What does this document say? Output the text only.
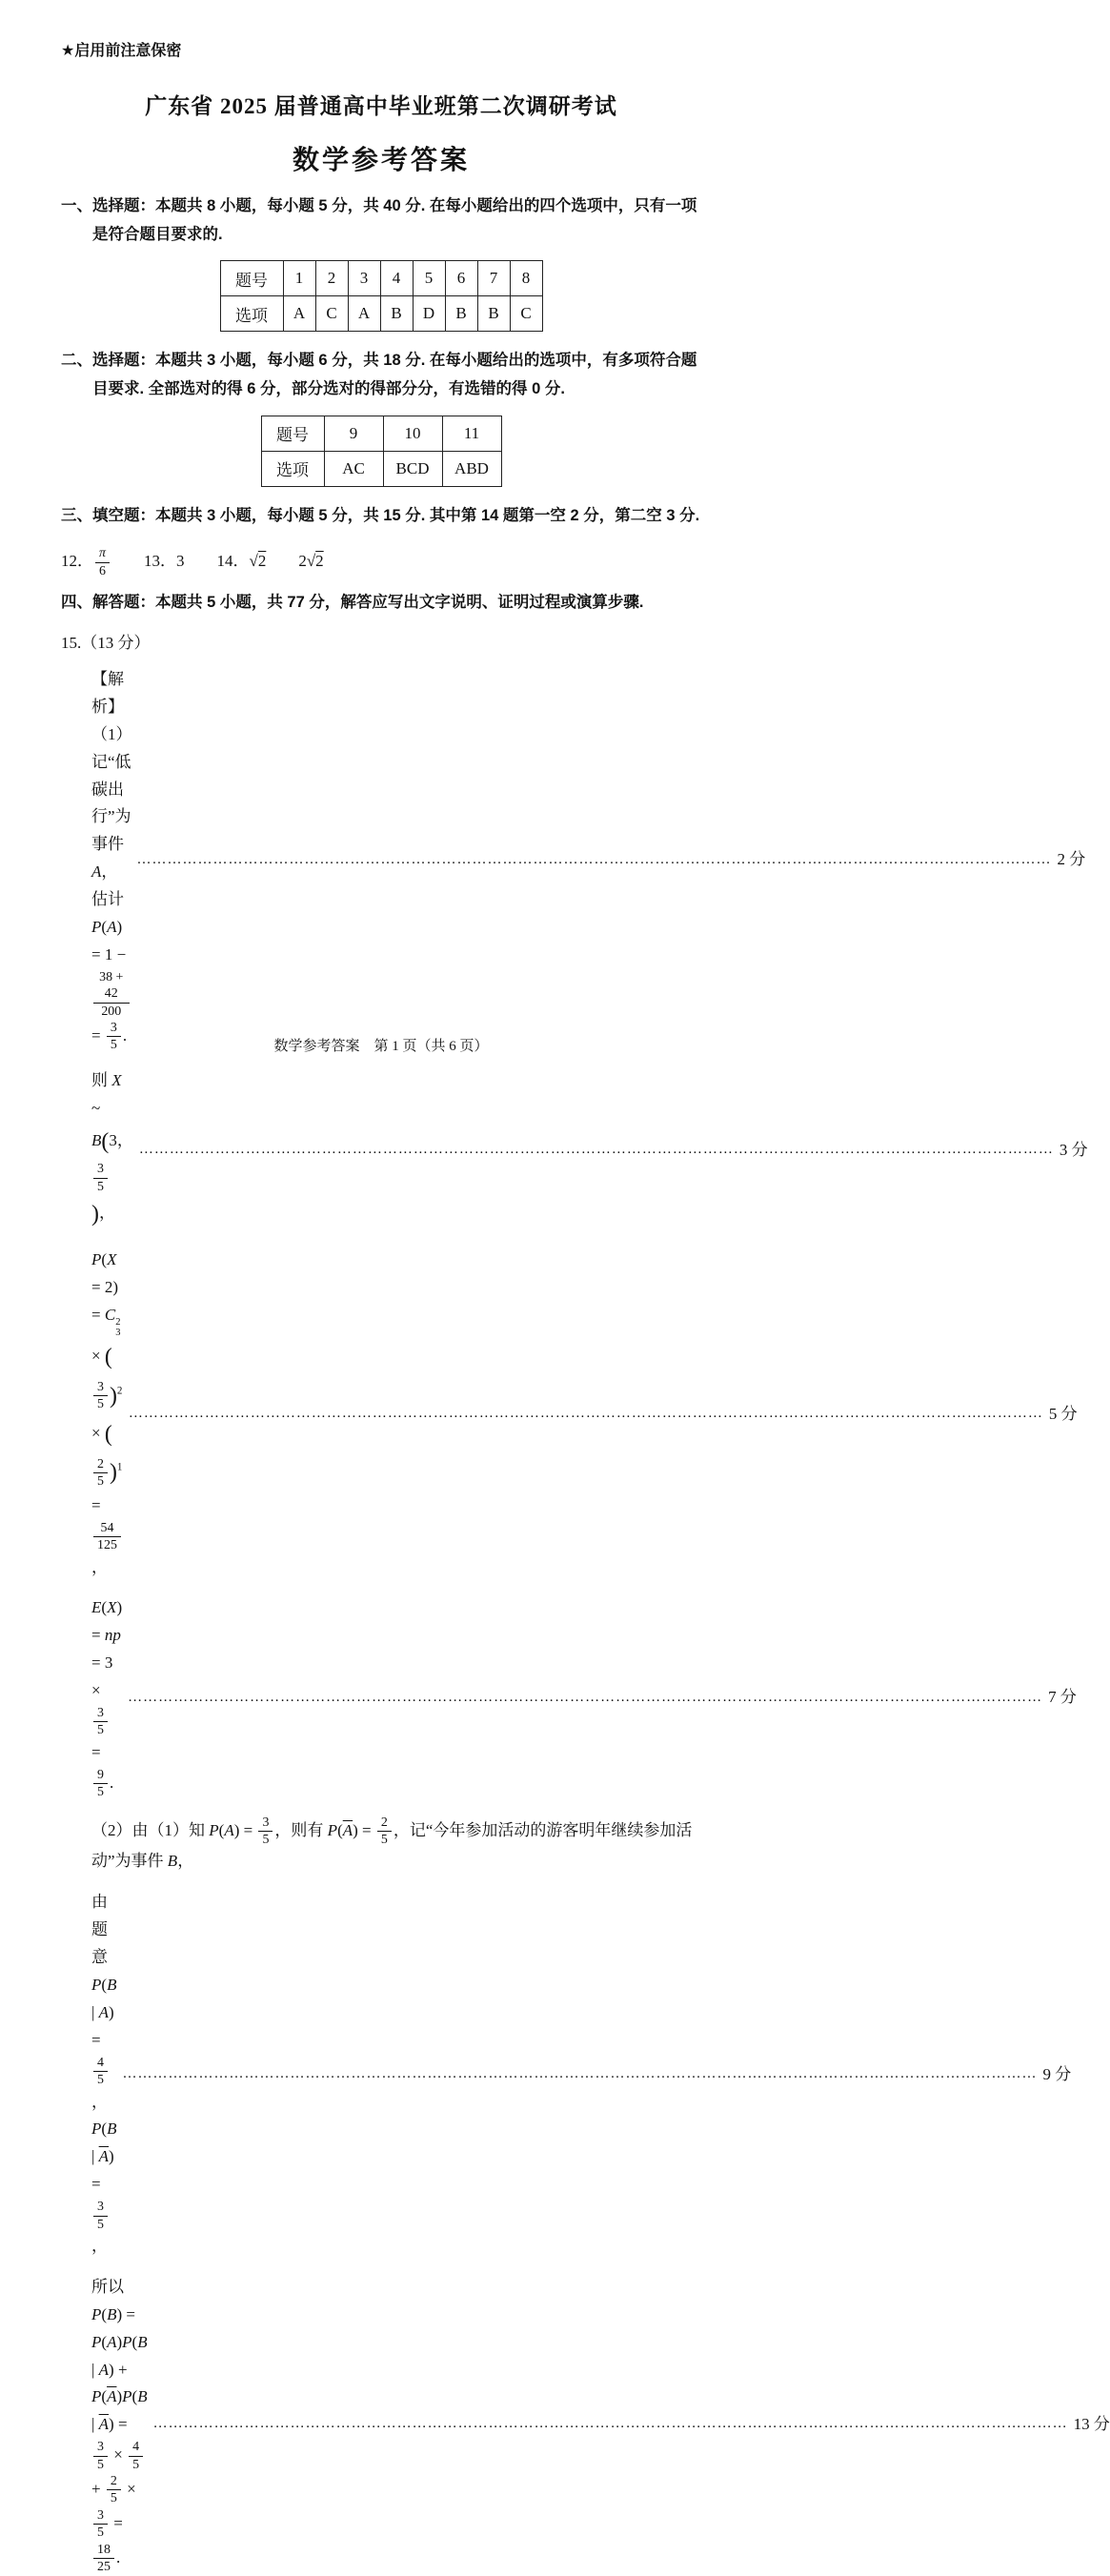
★启用前注意保密
广东省 2025 届普通高中毕业班第二次调研考试
数学参考答案

一、选择题：本题共 8 小题，每小题 5 分，共 40 分. 在每小题给出的四个选项中，只有一项是符合题目要求的.

题号	1	2	3	4	5	6	7	8
选项	A	C	A	B	D	B	B	C

二、选择题：本题共 3 小题，每小题 6 分，共 18 分. 在每小题给出的选项中，有多项符合题目要求. 全部选对的得 6 分，部分选对的得部分分，有选错的得 0 分.

题号	9	10	11
选项	AC	BCD	ABD

三、填空题：本题共 3 小题，每小题 5 分，共 15 分. 其中第 14 题第一空 2 分，第二空 3 分.

12． $\frac{\pi}{6}$ 　　13．3　　14．√2　　2√2

四、解答题：本题共 5 小题，共 77 分，解答应写出文字说明、证明过程或演算步骤.

15.（13 分）
【解析】（1）记“低碳出行”为事件 A，估计 P(A) = 1 −
$\frac{38 + 42}{200}$
= $\frac{3}{5}$ .
……………………………………………………………………………………………………………………………………………………………… 2 分
则 X ~ B(3，
$\frac{3}{5}$
)，
……………………………………………………………………………………………………………………………………………………………… 3 分
P(X = 2) = C 2
3
× (
$\frac{3}{5} )^2$ × (
$\frac{2}{5} )^1$ =
$\frac{54}{125}$
，
……………………………………………………………………………………………………………………………………………………………… 5 分
E(X) = np = 3 ×
$\frac{3}{5}$
=
$\frac{9}{5}$ .
……………………………………………………………………………………………………………………………………………………………… 7 分
（2）由（1）知 $P(A) = \frac{3}{5}$ ，则有 $P(\overline{A}) = \frac{2}{5}$ ，记“今年参加活动的游客明年继续参加活动”为事件 B，
由题意 P(B | A) =
$\frac{4}{5}$
，P(B | $\overline{A}$) =
$\frac{3}{5}$
，
……………………………………………………………………………………………………………………………………………………………… 9 分
所以 P(B) = P(A)P(B | $A) + P(\overline{A})P(B$ | $\overline{A}$) =
$\frac{3}{5} \times \frac{4}{5}$
+ $\frac{2}{5}$ ×
$\frac{3}{5}$ =
$\frac{18}{25}$ .
……………………………………………………………………………………………………………………………………………………………… 13 分
数学参考答案　第 1 页（共 6 页）
